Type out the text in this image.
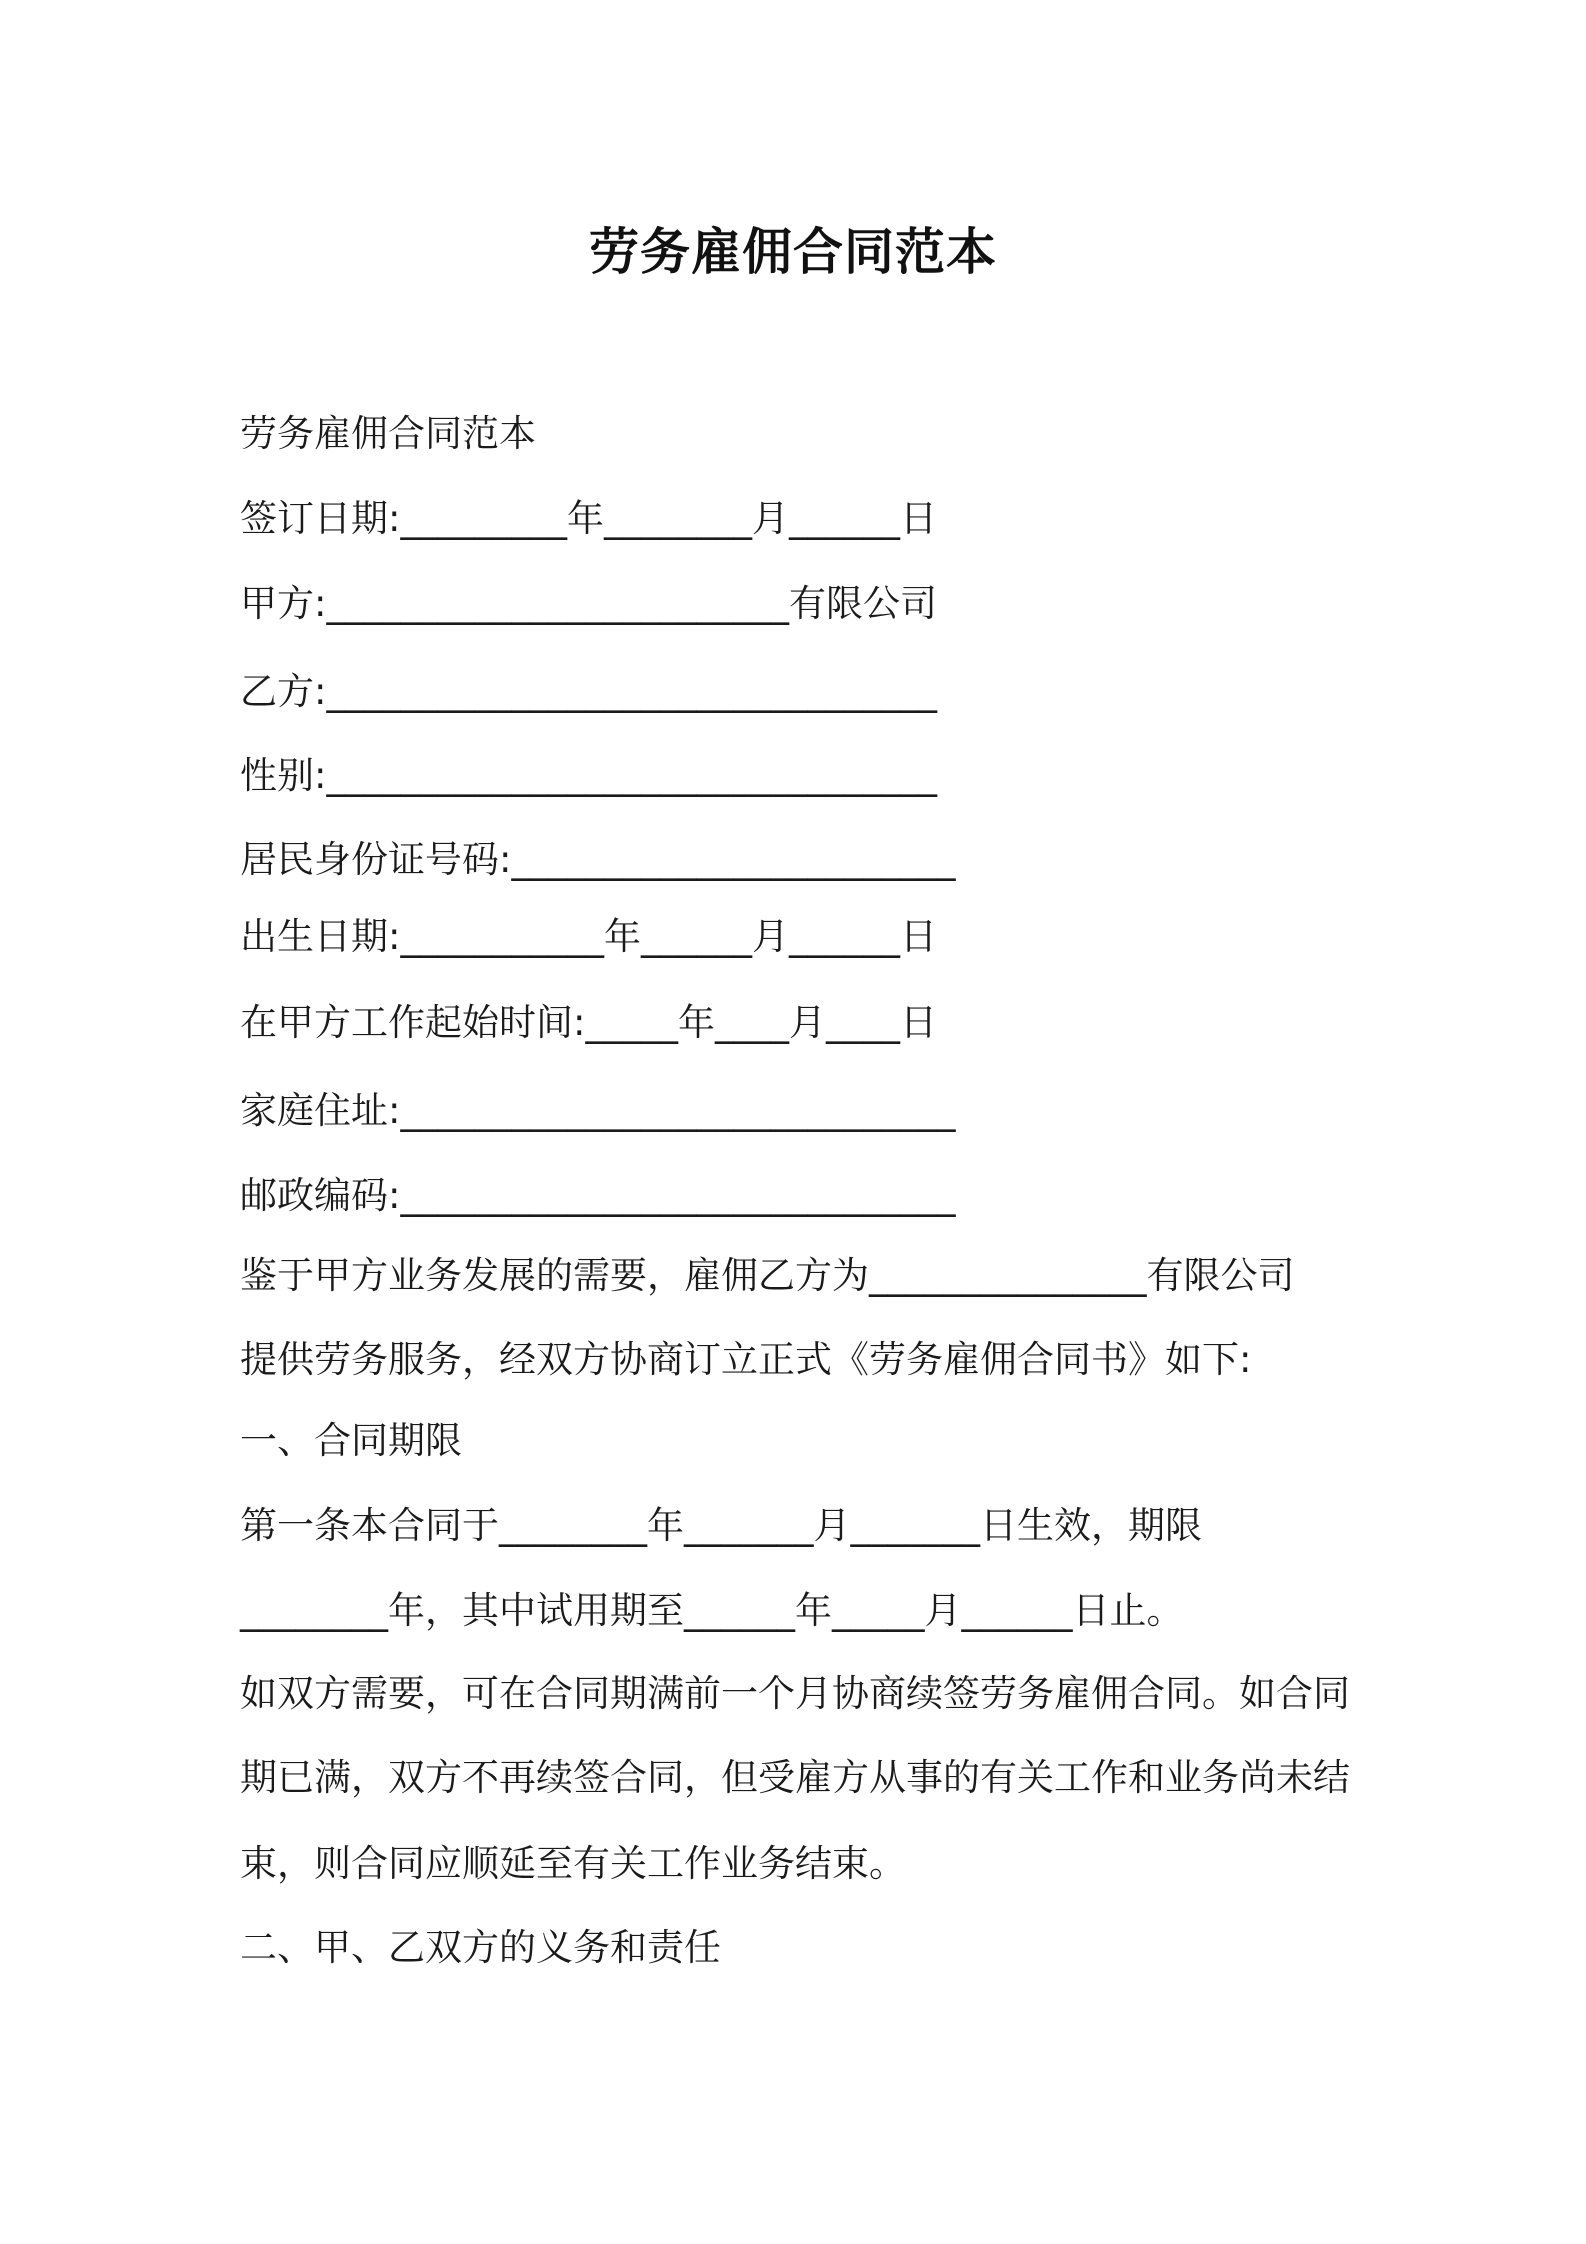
劳务雇佣合同范本
劳务雇佣合同范本
签订日期:_________年________月______日
甲方:_________________________有限公司
乙方:_________________________________
性别:_________________________________
居民身份证号码:________________________
出生日期:___________年______月______日
在甲方工作起始时间:_____年____月____日
家庭住址:______________________________
邮政编码:______________________________
鉴于甲方业务发展的需要，雇佣乙方为_______________有限公司
提供劳务服务，经双方协商订立正式《劳务雇佣合同书》如下:
一、合同期限
第一条本合同于________年_______月_______日生效，期限
________年，其中试用期至______年_____月______日止。
如双方需要，可在合同期满前一个月协商续签劳务雇佣合同。如合同
期已满，双方不再续签合同，但受雇方从事的有关工作和业务尚未结
束，则合同应顺延至有关工作业务结束。
二、甲、乙双方的义务和责任
